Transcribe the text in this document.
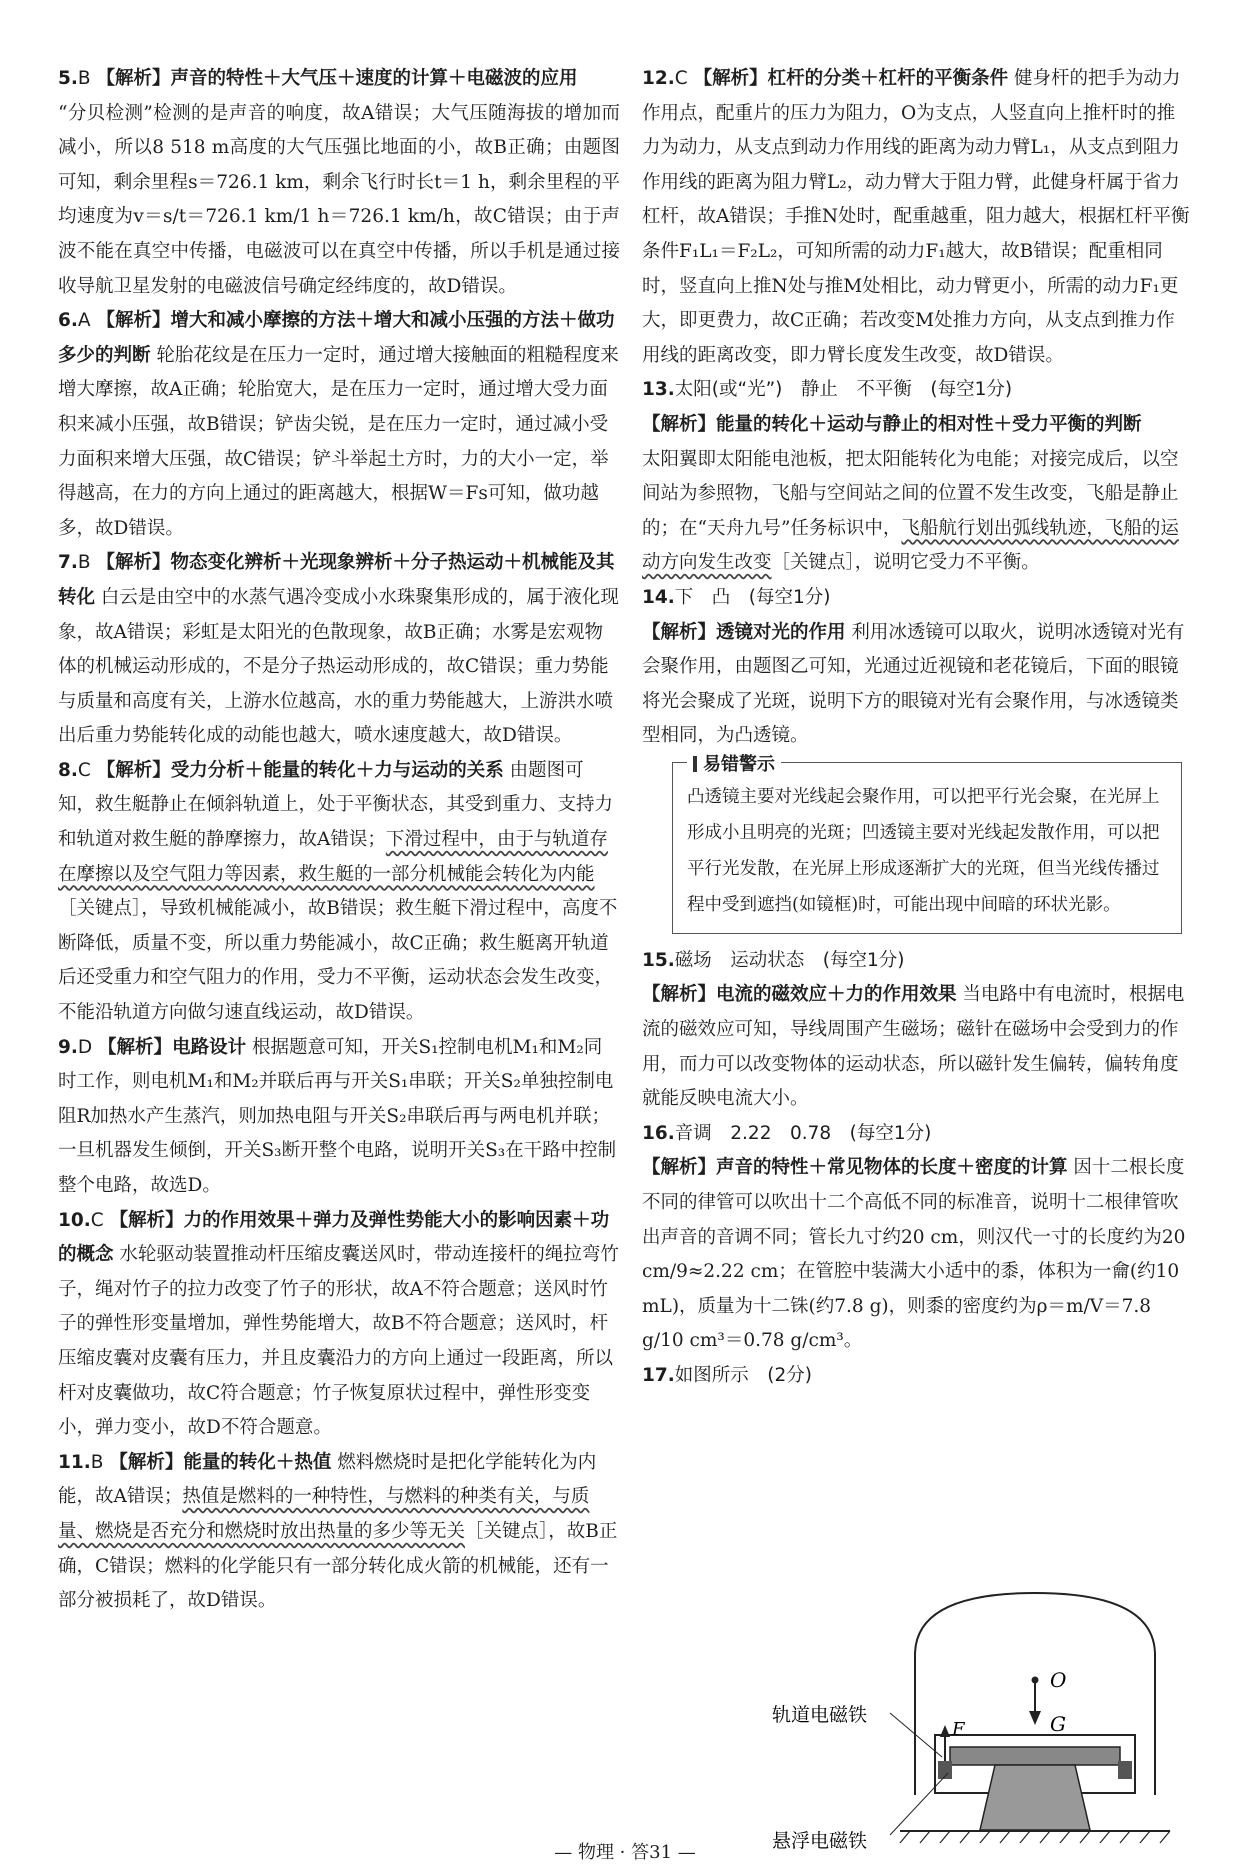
5.B 【解析】声音的特性＋大气压＋速度的计算＋电磁波的应用
“分贝检测”检测的是声音的响度，故A错误；大气压随海拔的增加而减小，所以8 518 m高度的大气压强比地面的小，故B正确；由题图可知，剩余里程s＝726.1 km，剩余飞行时长t＝1 h，剩余里程的平均速度为v＝s/t＝726.1 km/1 h＝726.1 km/h，故C错误；由于声波不能在真空中传播，电磁波可以在真空中传播，所以手机是通过接收导航卫星发射的电磁波信号确定经纬度的，故D错误。
6.A 【解析】增大和减小摩擦的方法＋增大和减小压强的方法＋做功多少的判断 轮胎花纹是在压力一定时，通过增大接触面的粗糙程度来增大摩擦，故A正确；轮胎宽大，是在压力一定时，通过增大受力面积来减小压强，故B错误；铲齿尖锐，是在压力一定时，通过减小受力面积来增大压强，故C错误；铲斗举起土方时，力的大小一定，举得越高，在力的方向上通过的距离越大，根据W＝Fs可知，做功越多，故D错误。
7.B 【解析】物态变化辨析＋光现象辨析＋分子热运动＋机械能及其转化 白云是由空中的水蒸气遇冷变成小水珠聚集形成的，属于液化现象，故A错误；彩虹是太阳光的色散现象，故B正确；水雾是宏观物体的机械运动形成的，不是分子热运动形成的，故C错误；重力势能与质量和高度有关，上游水位越高，水的重力势能越大，上游洪水喷出后重力势能转化成的动能也越大，喷水速度越大，故D错误。
8.C 【解析】受力分析＋能量的转化＋力与运动的关系 由题图可知，救生艇静止在倾斜轨道上，处于平衡状态，其受到重力、支持力和轨道对救生艇的静摩擦力，故A错误；下滑过程中，由于与轨道存在摩擦以及空气阻力等因素，救生艇的一部分机械能会转化为内能［关键点］，导致机械能减小，故B错误；救生艇下滑过程中，高度不断降低，质量不变，所以重力势能减小，故C正确；救生艇离开轨道后还受重力和空气阻力的作用，受力不平衡，运动状态会发生改变，不能沿轨道方向做匀速直线运动，故D错误。
9.D 【解析】电路设计 根据题意可知，开关S₁控制电机M₁和M₂同时工作，则电机M₁和M₂并联后再与开关S₁串联；开关S₂单独控制电阻R加热水产生蒸汽，则加热电阻与开关S₂串联后再与两电机并联；一旦机器发生倾倒，开关S₃断开整个电路，说明开关S₃在干路中控制整个电路，故选D。
10.C 【解析】力的作用效果＋弹力及弹性势能大小的影响因素＋功的概念 水轮驱动装置推动杆压缩皮囊送风时，带动连接杆的绳拉弯竹子，绳对竹子的拉力改变了竹子的形状，故A不符合题意；送风时竹子的弹性形变量增加，弹性势能增大，故B不符合题意；送风时，杆压缩皮囊对皮囊有压力，并且皮囊沿力的方向上通过一段距离，所以杆对皮囊做功，故C符合题意；竹子恢复原状过程中，弹性形变变小，弹力变小，故D不符合题意。
11.B 【解析】能量的转化＋热值 燃料燃烧时是把化学能转化为内能，故A错误；热值是燃料的一种特性，与燃料的种类有关，与质量、燃烧是否充分和燃烧时放出热量的多少等无关［关键点］，故B正确，C错误；燃料的化学能只有一部分转化成火箭的机械能，还有一部分被损耗了，故D错误。
12.C 【解析】杠杆的分类＋杠杆的平衡条件 健身杆的把手为动力作用点，配重片的压力为阻力，O为支点，人竖直向上推杆时的推力为动力，从支点到动力作用线的距离为动力臂L₁，从支点到阻力作用线的距离为阻力臂L₂，动力臂大于阻力臂，此健身杆属于省力杠杆，故A错误；手推N处时，配重越重，阻力越大，根据杠杆平衡条件F₁L₁＝F₂L₂，可知所需的动力F₁越大，故B错误；配重相同时，竖直向上推N处与推M处相比，动力臂更小，所需的动力F₁更大，即更费力，故C正确；若改变M处推力方向，从支点到推力作用线的距离改变，即力臂长度发生改变，故D错误。
13.太阳(或“光”)　静止　不平衡　(每空1分)
【解析】能量的转化＋运动与静止的相对性＋受力平衡的判断
太阳翼即太阳能电池板，把太阳能转化为电能；对接完成后，以空间站为参照物，飞船与空间站之间的位置不发生改变，飞船是静止的；在“天舟九号”任务标识中，飞船航行划出弧线轨迹，飞船的运动方向发生改变［关键点］，说明它受力不平衡。
14.下　凸　(每空1分)
【解析】透镜对光的作用 利用冰透镜可以取火，说明冰透镜对光有会聚作用，由题图乙可知，光通过近视镜和老花镜后，下面的眼镜将光会聚成了光斑，说明下方的眼镜对光有会聚作用，与冰透镜类型相同，为凸透镜。
易错警示
凸透镜主要对光线起会聚作用，可以把平行光会聚，在光屏上形成小且明亮的光斑；凹透镜主要对光线起发散作用，可以把平行光发散，在光屏上形成逐渐扩大的光斑，但当光线传播过程中受到遮挡(如镜框)时，可能出现中间暗的环状光影。
15.磁场　运动状态　(每空1分)
【解析】电流的磁效应＋力的作用效果 当电路中有电流时，根据电流的磁效应可知，导线周围产生磁场；磁针在磁场中会受到力的作用，而力可以改变物体的运动状态，所以磁针发生偏转，偏转角度就能反映电流大小。
16.音调　2.22　0.78　(每空1分)
【解析】声音的特性＋常见物体的长度＋密度的计算 因十二根长度不同的律管可以吹出十二个高低不同的标准音，说明十二根律管吹出声音的音调不同；管长九寸约20 cm，则汉代一寸的长度约为20 cm/9≈2.22 cm；在管腔中装满大小适中的黍，体积为一龠(约10 mL)，质量为十二铢(约7.8 g)，则黍的密度约为ρ＝m/V＝7.8 g/10 cm³＝0.78 g/cm³。
17.如图所示　(2分)
O
G
F
轨道电磁铁
悬浮电磁铁
— 物理 · 答31 —
